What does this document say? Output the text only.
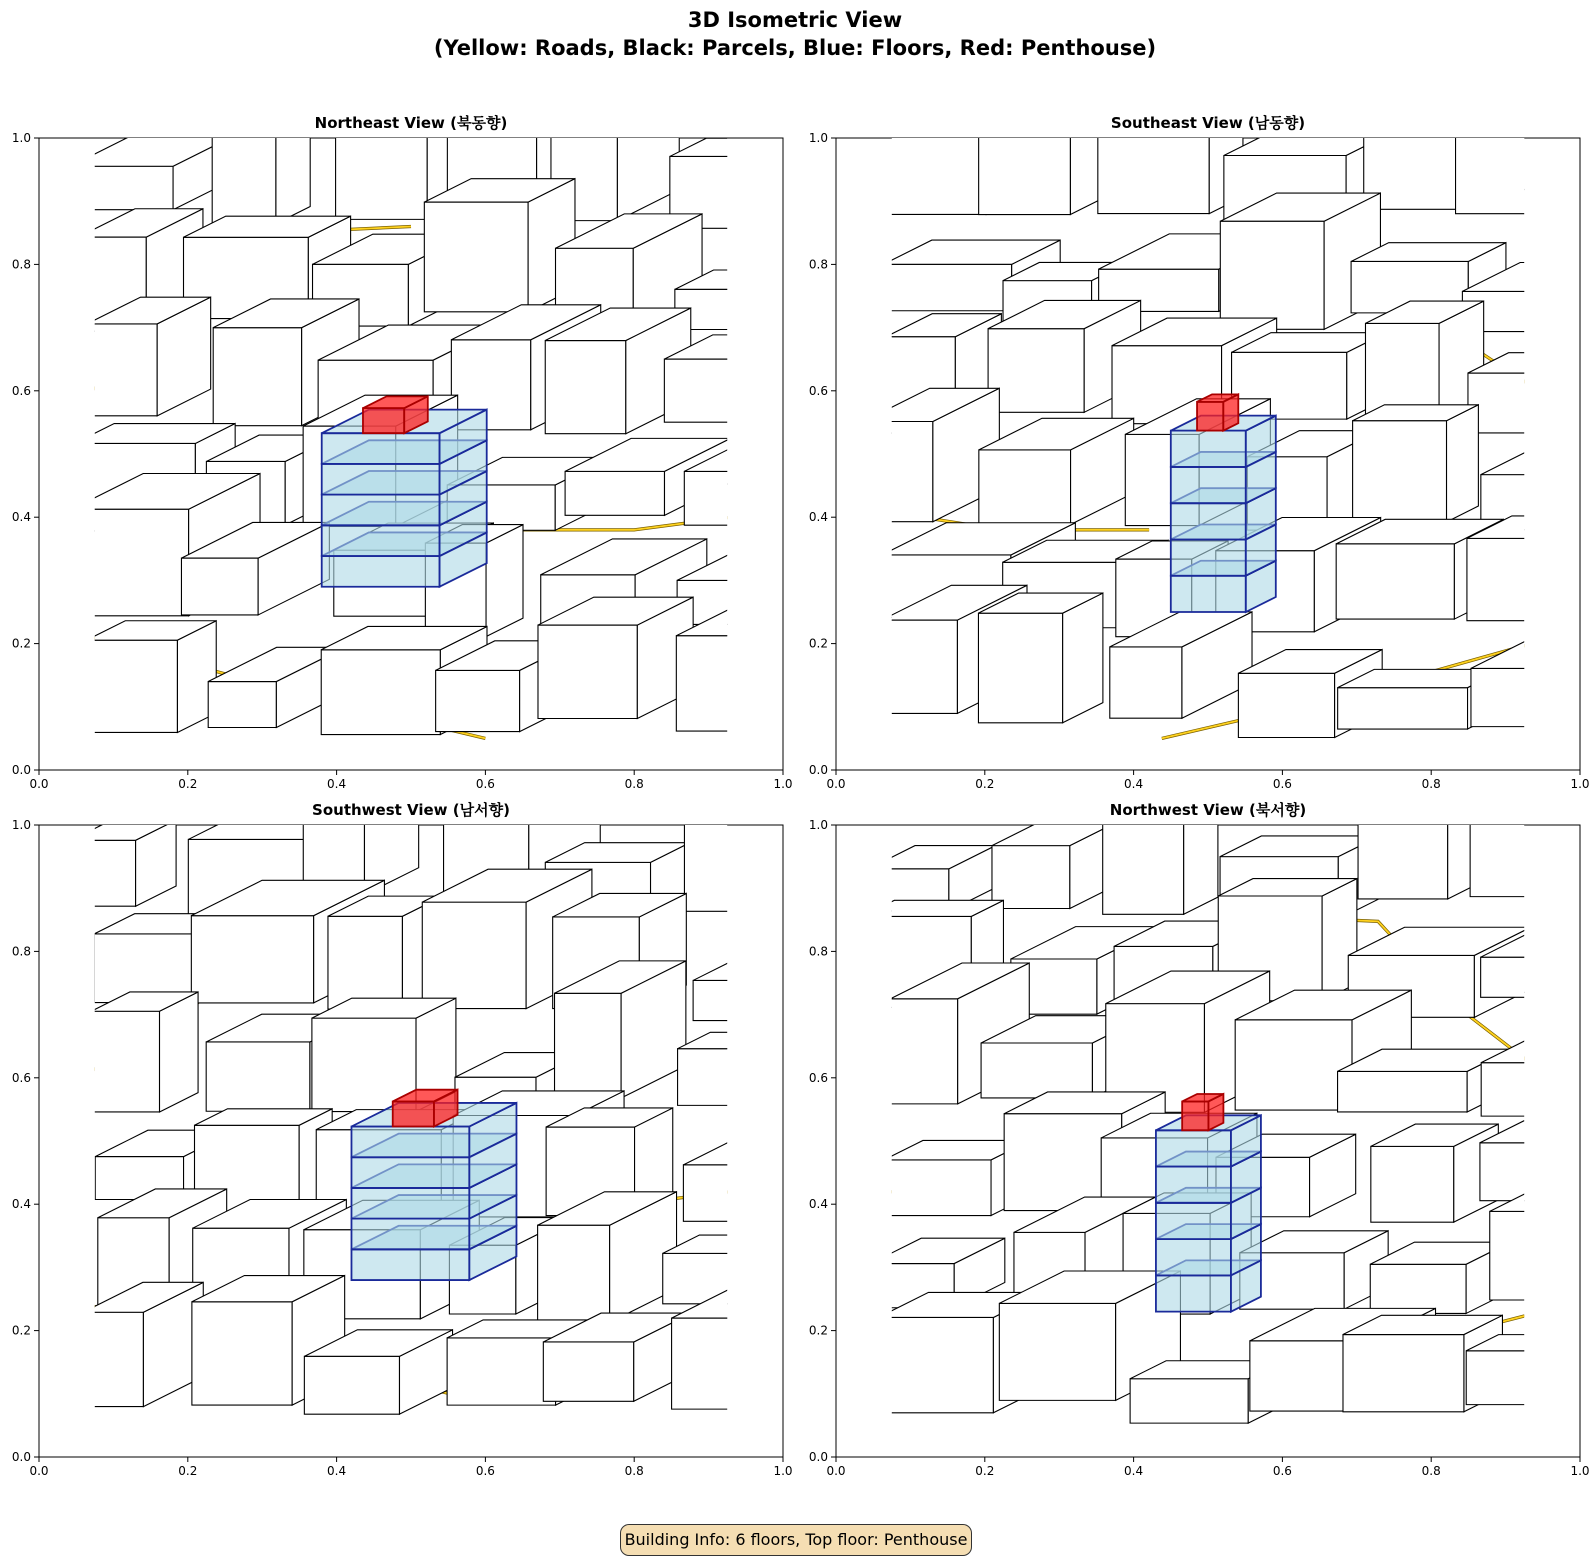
3D Isometric View
(Yellow: Roads, Black: Parcels, Blue: Floors, Red: Penthouse)
0.0
0.0
0.2
0.2
0.4
0.4
0.6
0.6
0.8
0.8
1.0
1.0
Northeast View (북동향)
0.0
0.0
0.2
0.2
0.4
0.4
0.6
0.6
0.8
0.8
1.0
1.0
Southeast View (남동향)
0.0
0.0
0.2
0.2
0.4
0.4
0.6
0.6
0.8
0.8
1.0
1.0
Southwest View (남서향)
0.0
0.0
0.2
0.2
0.4
0.4
0.6
0.6
0.8
0.8
1.0
1.0
Northwest View (북서향)
Building Info: 6 floors, Top floor: Penthouse
